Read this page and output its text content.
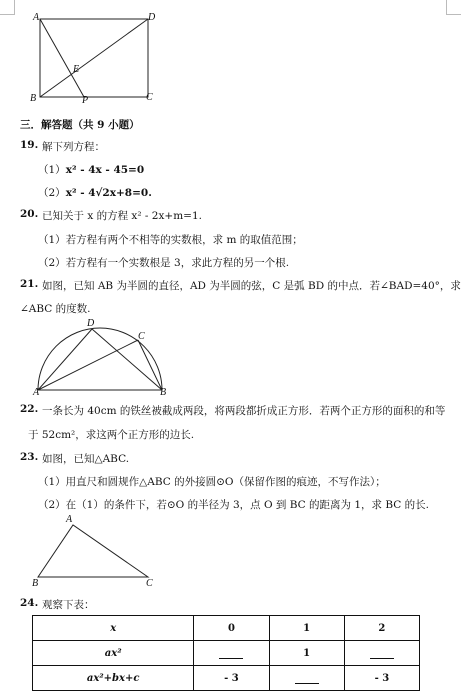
A	D
E
B	P	C
三．解答题（共 9 小题）
19. 解下列方程：
（1）x² - 4x - 45=0
（2）x² - 4√2x+8=0.
20. 已知关于 x 的方程 x² - 2x+m=1.
（1）若方程有两个不相等的实数根，求 m 的取值范围；
（2）若方程有一个实数根是 3，求此方程的另一个根.
21. 如图，已知 AB 为半圆的直径，AD 为半圆的弦，C 是弧 BD 的中点．若∠BAD=40°，求
∠ABC 的度数.
D
C
A	B
22. 一条长为 40cm 的铁丝被截成两段，将两段都折成正方形．若两个正方形的面积的和等
于 52cm²，求这两个正方形的边长.
23. 如图，已知△ABC.
（1）用直尺和圆规作△ABC 的外接圆⊙O（保留作图的痕迹，不写作法）；
（2）在（1）的条件下，若⊙O 的半径为 3，点 O 到 BC 的距离为 1，求 BC 的长.
A
B	C
24. 观察下表：
x	0	1	2
ax²		1	
ax²+bx+c	- 3		- 3
